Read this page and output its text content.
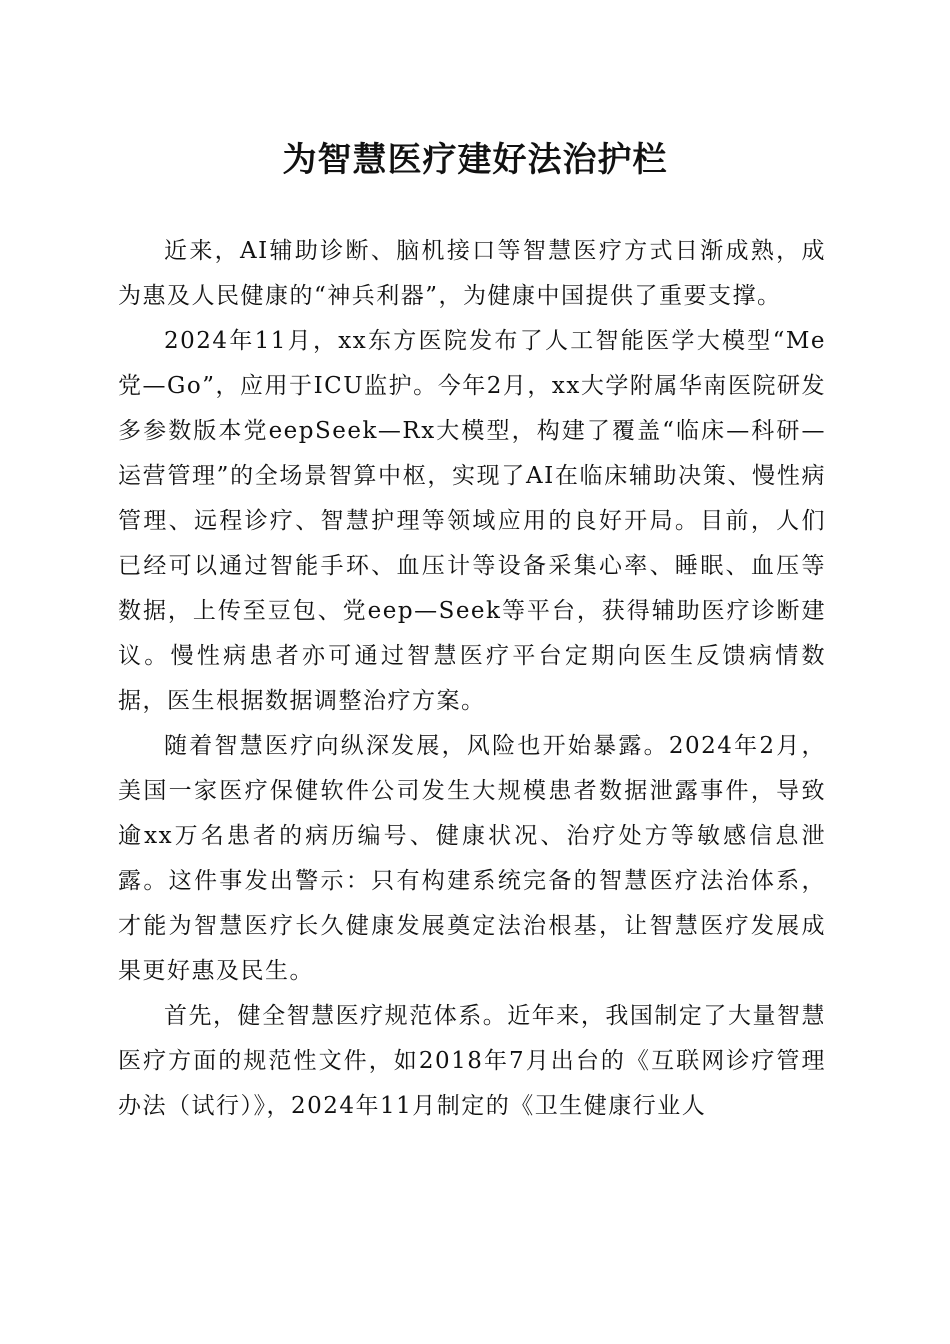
为智慧医疗建好法治护栏

近来，AI辅助诊断、脑机接口等智慧医疗方式日渐成熟，成为惠及人民健康的“神兵利器”，为健康中国提供了重要支撑。

2024年11月，xx东方医院发布了人工智能医学大模型“Me党—Go”，应用于ICU监护。今年2月，xx大学附属华南医院研发多参数版本党eepSeek—Rx大模型，构建了覆盖“临床—科研—运营管理”的全场景智算中枢，实现了AI在临床辅助决策、慢性病管理、远程诊疗、智慧护理等领域应用的良好开局。目前，人们已经可以通过智能手环、血压计等设备采集心率、睡眠、血压等数据，上传至豆包、党eep—Seek等平台，获得辅助医疗诊断建议。慢性病患者亦可通过智慧医疗平台定期向医生反馈病情数据，医生根据数据调整治疗方案。

随着智慧医疗向纵深发展，风险也开始暴露。2024年2月，美国一家医疗保健软件公司发生大规模患者数据泄露事件，导致逾xx万名患者的病历编号、健康状况、治疗处方等敏感信息泄露。这件事发出警示：只有构建系统完备的智慧医疗法治体系，才能为智慧医疗长久健康发展奠定法治根基，让智慧医疗发展成果更好惠及民生。

首先，健全智慧医疗规范体系。近年来，我国制定了大量智慧医疗方面的规范性文件，如2018年7月出台的《互联网诊疗管理办法（试行）》，2024年11月制定的《卫生健康行业人
